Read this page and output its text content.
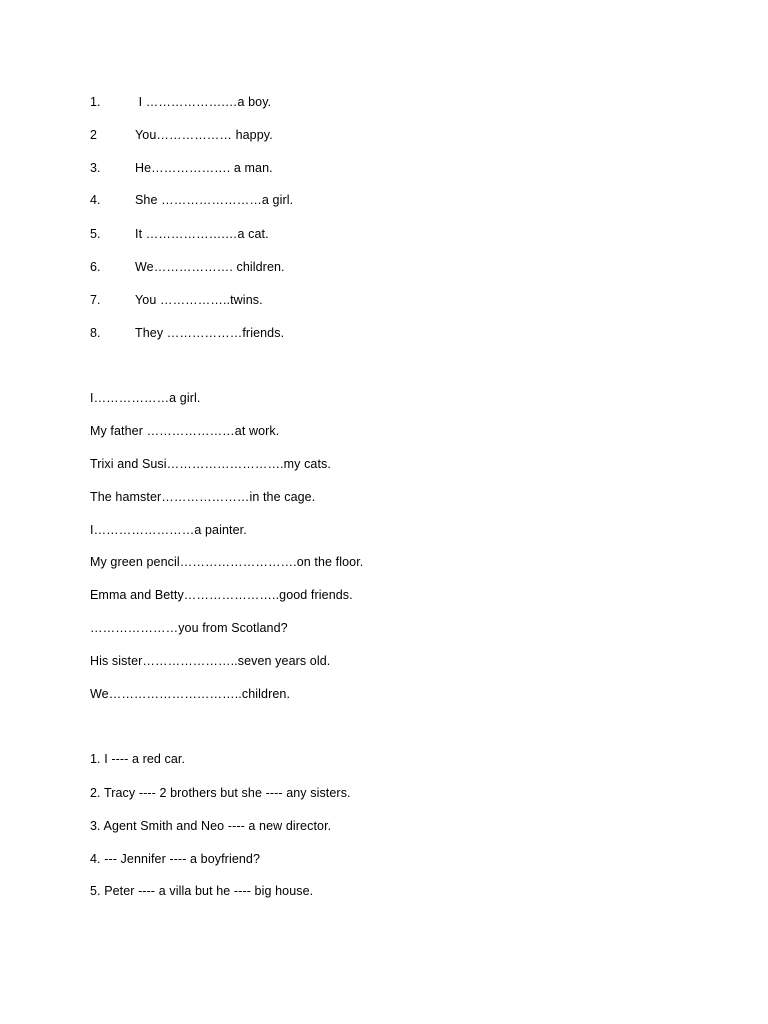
1.	I ……………….…a boy.
2	You……………… happy.
3.	He………………. a man.
4.	She ……………………a girl.
5.	It ……………….…a cat.
6.	We………………. children.
7.	You ……………..twins.
8.	They ………………friends.
I………………a girl.
My father …………………at work.
Trixi and Susi……………………….my cats.
The hamster…………………in the cage.
I……………………a painter.
My green pencil……………………….on the floor.
Emma and Betty…………………..good friends.
…………………you from Scotland?
His sister…………………..seven years old.
We…………………………..children.
1. I ---- a red car.
2. Tracy ---- 2 brothers but she ---- any sisters.
3. Agent Smith and Neo ---- a new director.
4. --- Jennifer ---- a boyfriend?
5. Peter ---- a villa but he ---- big house.
